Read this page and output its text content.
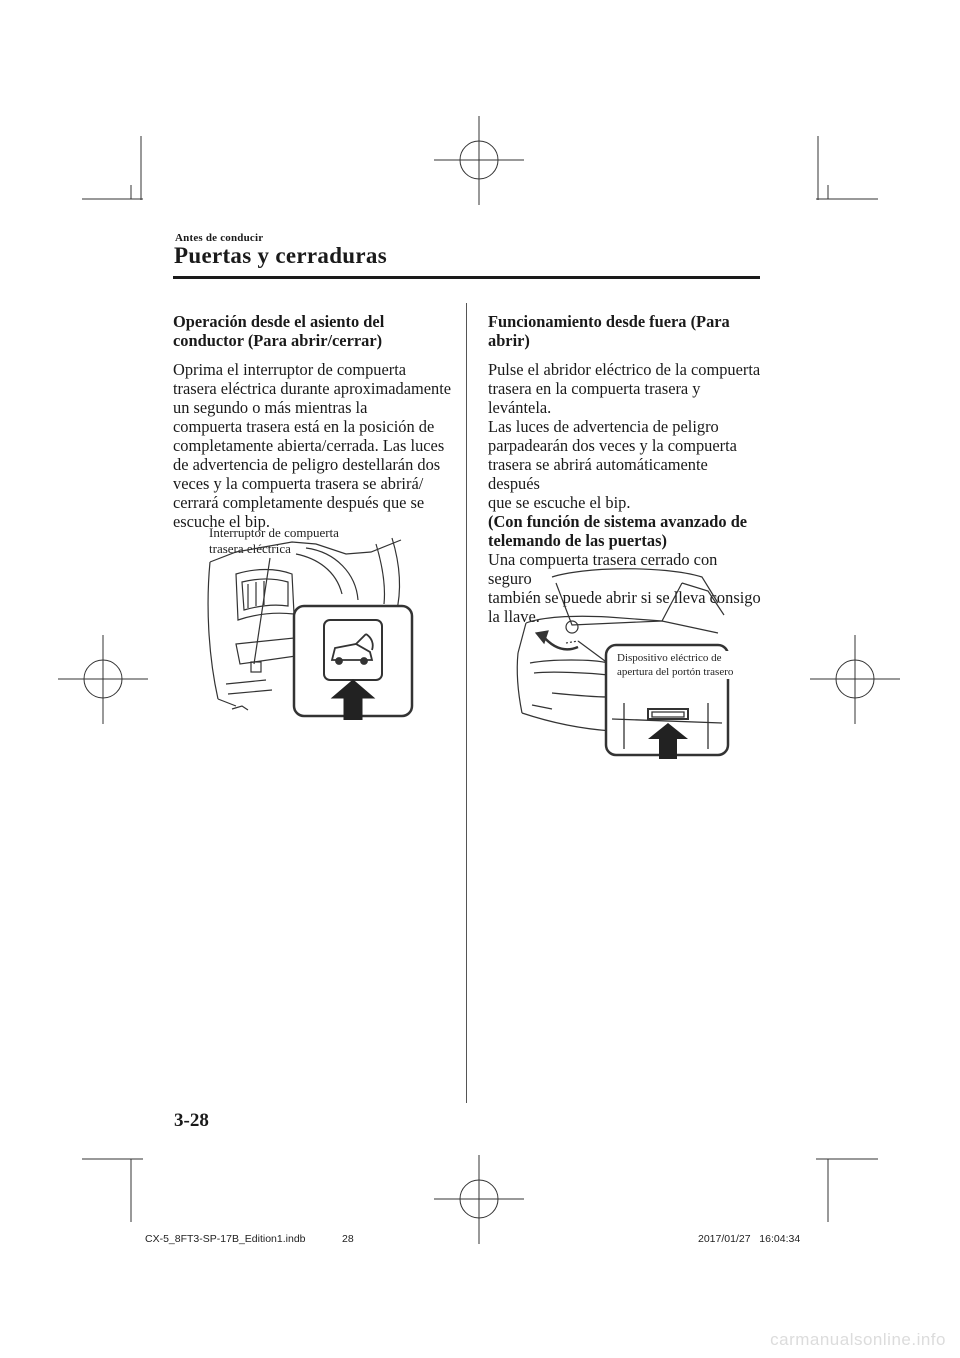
Antes de conducir
Puertas y cerraduras
Operación desde el asiento del
conductor (Para abrir/cerrar)
Oprima el interruptor de compuerta
trasera eléctrica durante aproximadamente
un segundo o más mientras la
compuerta trasera está en la posición de
completamente abierta/cerrada. Las luces
de advertencia de peligro destellarán dos
veces y la compuerta trasera se abrirá/
cerrará completamente después que se
escuche el bip.
Interruptor de compuerta
trasera eléctrica
Funcionamiento desde fuera (Para
abrir)
Pulse el abridor eléctrico de la compuerta
trasera en la compuerta trasera y levántela.
Las luces de advertencia de peligro
parpadearán dos veces y la compuerta
trasera se abrirá automáticamente después
que se escuche el bip.
(Con función de sistema avanzado de
telemando de las puertas)
Una compuerta trasera cerrado con seguro
también se puede abrir si se lleva consigo
la llave.
Dispositivo eléctrico de
apertura del portón trasero
3-28
CX-5_8FT3-SP-17B_Edition1.indb	28	2017/01/27   16:04:34
carmanualsonline.info
